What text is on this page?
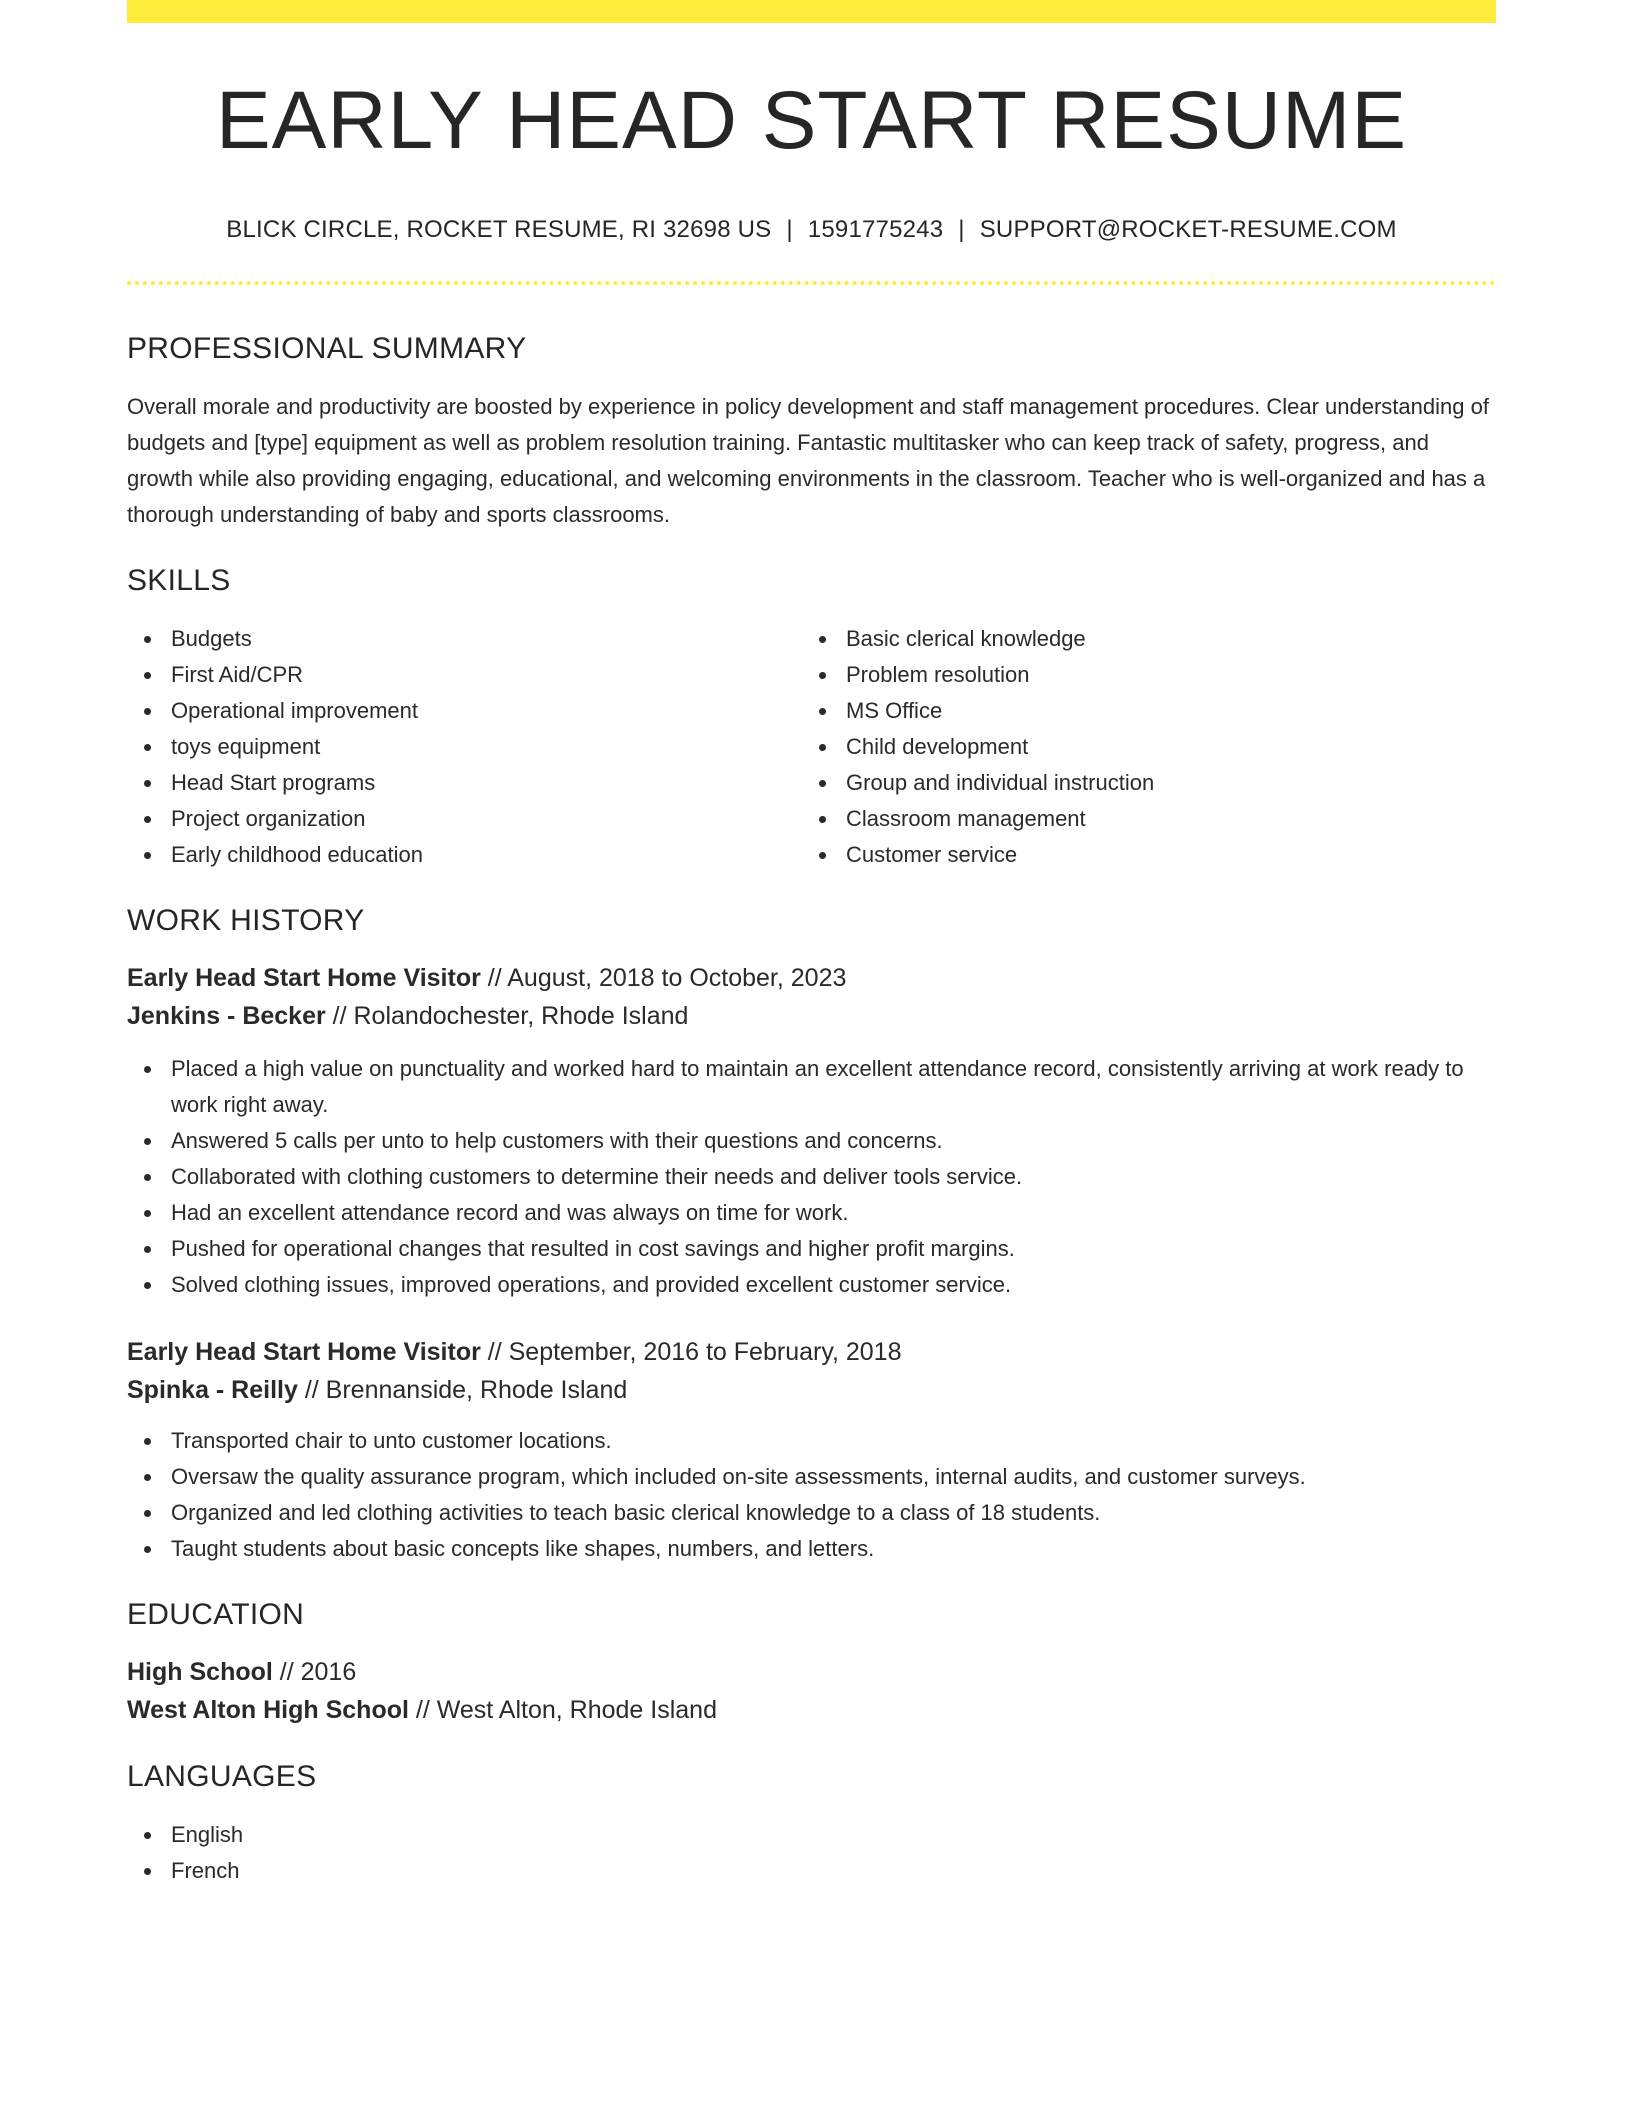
EARLY HEAD START RESUME
BLICK CIRCLE, ROCKET RESUME, RI 32698 US | 1591775243 | SUPPORT@ROCKET-RESUME.COM
PROFESSIONAL SUMMARY

Overall morale and productivity are boosted by experience in policy development and staff management procedures. Clear understanding of budgets and [type] equipment as well as problem resolution training. Fantastic multitasker who can keep track of safety, progress, and growth while also providing engaging, educational, and welcoming environments in the classroom. Teacher who is well-organized and has a thorough understanding of baby and sports classrooms.

SKILLS
Budgets
First Aid/CPR
Operational improvement
toys equipment
Head Start programs
Project organization
Early childhood education
Basic clerical knowledge
Problem resolution
MS Office
Child development
Group and individual instruction
Classroom management
Customer service
WORK HISTORY
Early Head Start Home Visitor // August, 2018 to October, 2023
Jenkins - Becker // Rolandochester, Rhode Island
Placed a high value on punctuality and worked hard to maintain an excellent attendance record, consistently arriving at work ready to work right away.
Answered 5 calls per unto to help customers with their questions and concerns.
Collaborated with clothing customers to determine their needs and deliver tools service.
Had an excellent attendance record and was always on time for work.
Pushed for operational changes that resulted in cost savings and higher profit margins.
Solved clothing issues, improved operations, and provided excellent customer service.
Early Head Start Home Visitor // September, 2016 to February, 2018
Spinka - Reilly // Brennanside, Rhode Island
Transported chair to unto customer locations.
Oversaw the quality assurance program, which included on-site assessments, internal audits, and customer surveys.
Organized and led clothing activities to teach basic clerical knowledge to a class of 18 students.
Taught students about basic concepts like shapes, numbers, and letters.
EDUCATION
High School // 2016
West Alton High School // West Alton, Rhode Island
LANGUAGES
English
French
